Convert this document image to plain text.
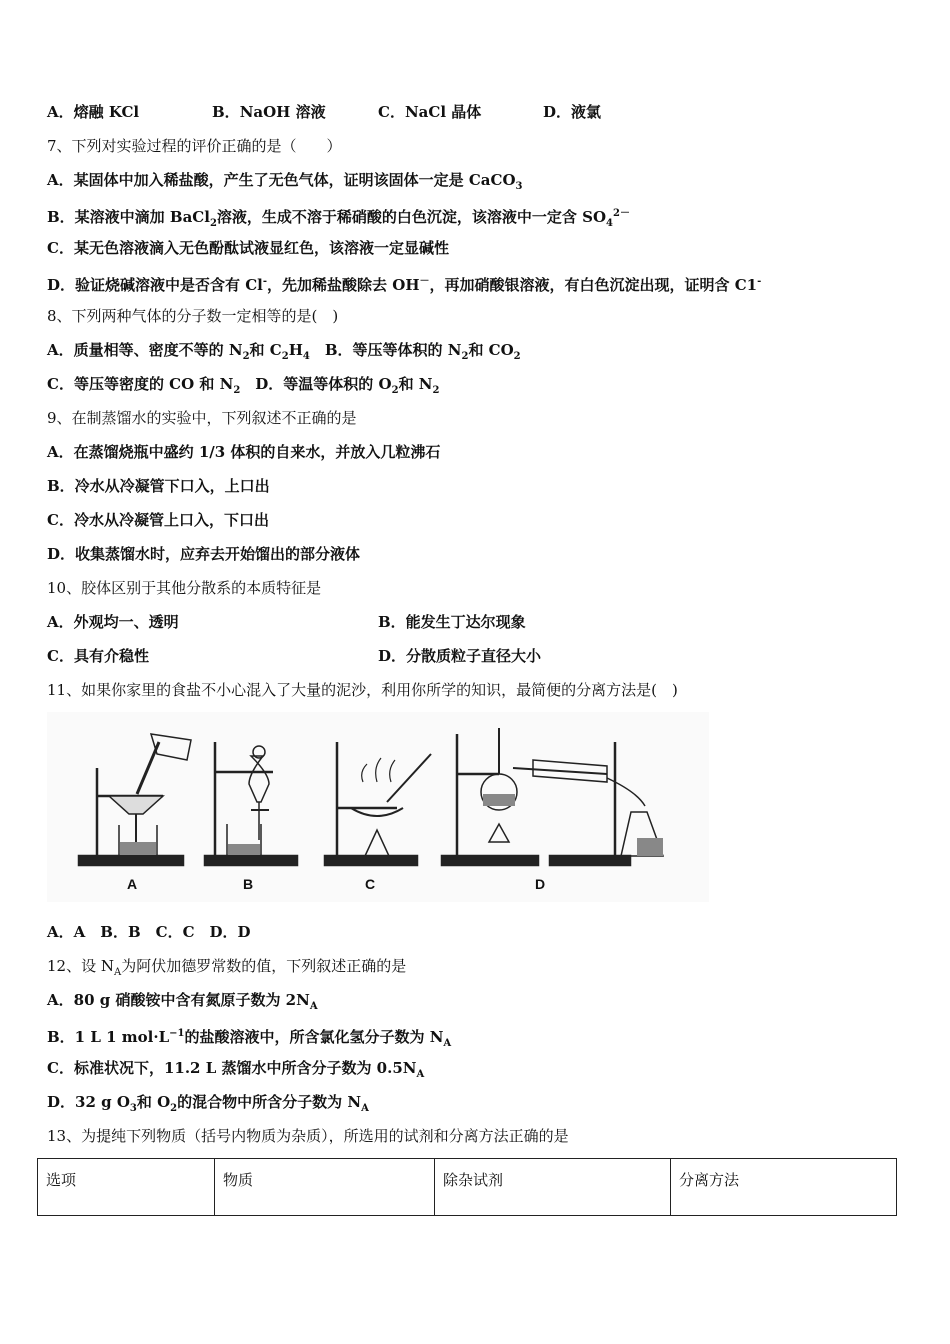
A．熔融 KCl	B．NaOH 溶液	C．NaCl 晶体	D．液氯
7、下列对实验过程的评价正确的是（　　）
A．某固体中加入稀盐酸，产生了无色气体，证明该固体一定是 CaCO$_3$
B．某溶液中滴加 BaCl$_2$溶液，生成不溶于稀硝酸的白色沉淀，该溶液中一定含 $SO_4^{2-}$
C．某无色溶液滴入无色酚酞试液显红色，该溶液一定显碱性
D．验证烧碱溶液中是否含有 Cl-，先加稀盐酸除去 OH－，再加硝酸银溶液，有白色沉淀出现，证明含 C1-
8、下列两种气体的分子数一定相等的是(　)
A．质量相等、密度不等的 $N_2$和 $C_2H_4$　B．等压等体积的 $N_2$和 $CO_2$
C．等压等密度的 CO 和 $N_2$　D．等温等体积的 $O_2$和 $N_2$
9、在制蒸馏水的实验中，下列叙述不正确的是
A．在蒸馏烧瓶中盛约 1/3 体积的自来水，并放入几粒沸石
B．冷水从冷凝管下口入，上口出
C．冷水从冷凝管上口入，下口出
D．收集蒸馏水时，应弃去开始馏出的部分液体
10、胶体区别于其他分散系的本质特征是
A．外观均一、透明	B．能发生丁达尔现象
C．具有介稳性	D．分散质粒子直径大小
11、如果你家里的食盐不小心混入了大量的泥沙，利用你所学的知识，最简便的分离方法是(　)
A	B	C	D
A．A　B．B　C．C　D．D
12、设 $N_A$为阿伏加德罗常数的值，下列叙述正确的是
A．80 g 硝酸铵中含有氮原子数为 $2N_A$
B．1 L 1 $mol\cdot L^{-1}$的盐酸溶液中，所含氯化氢分子数为 $N_A$
C．标准状况下，11.2 L 蒸馏水中所含分子数为 $0.5N_A$
D．32 g $O_3$和 $O_2$的混合物中所含分子数为 $N_A$
13、为提纯下列物质（括号内物质为杂质），所选用的试剂和分离方法正确的是
选项	物质	除杂试剂	分离方法
